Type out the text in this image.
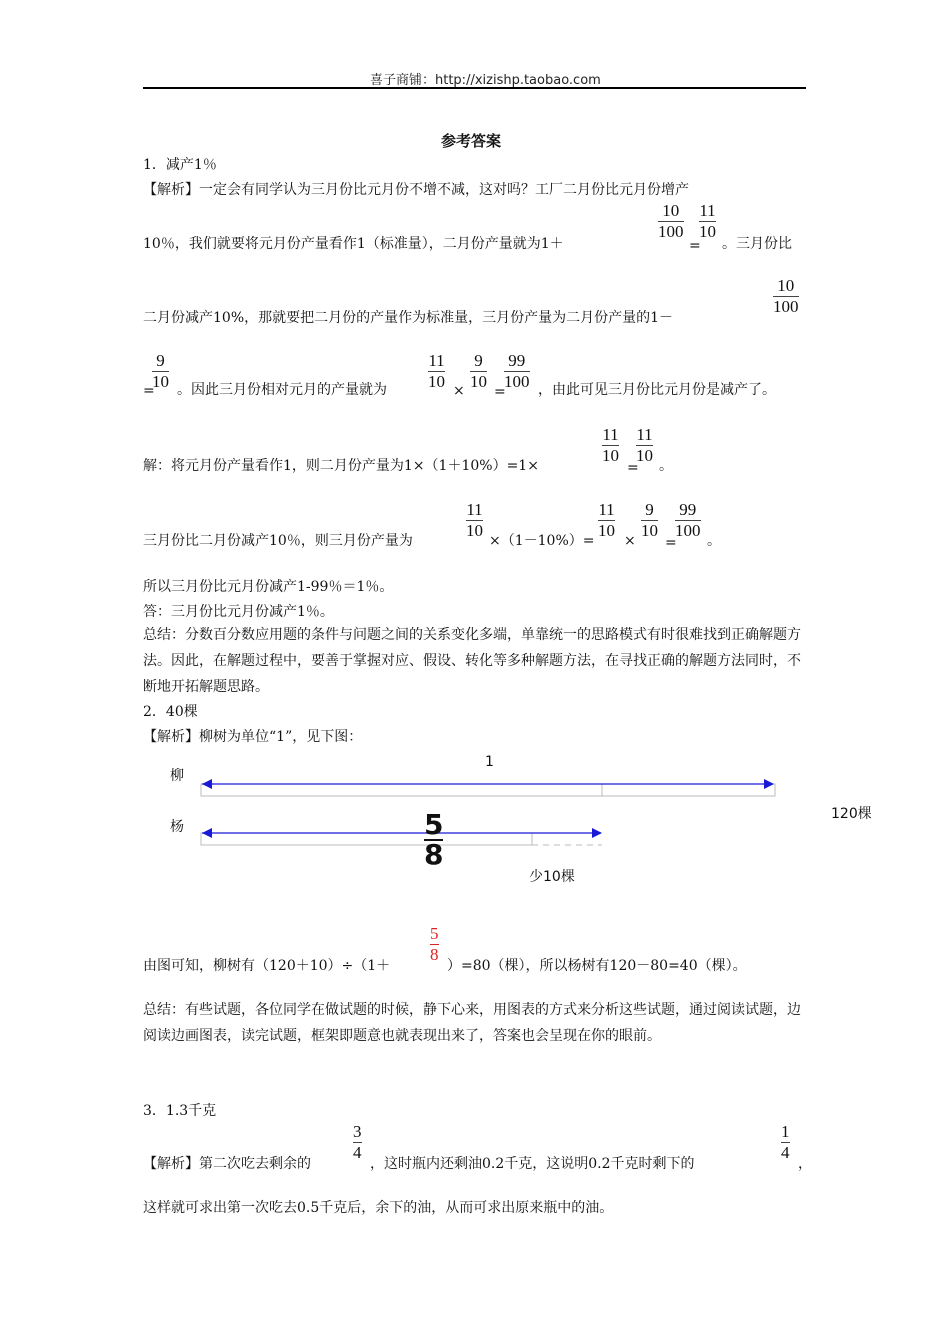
喜子商铺：http://xizishp.taobao.com
参考答案
1．减产1％
【解析】一定会有同学认为三月份比元月份不增不减，这对吗？工厂二月份比元月份增产
10％，我们就要将元月份产量看作1（标准量），二月份产量就为1＋
$\frac{10}{100}$
=
$\frac{11}{10}$
。三月份比
二月份减产10%，那就要把二月份的产量作为标准量，三月份产量为二月份产量的1－
$\frac{10}{100}$
=
$\frac{9}{10}$ 。因此三月份相对元月的产量就为 $\frac{11}{10} \times \frac{9}{10}$ =
$\frac{99}{100}$ ，由此可见三月份比元月份是减产了。
解：将元月份产量看作1，则二月份产量为1×（1＋10%）=1×	$\frac{11}{10}$
=
$\frac{11}{10}$ 。
三月份比二月份减产10％，则三月份产量为	$\frac{11}{10} \times(1-10\%)= \frac{11}{10} \times \frac{9}{10}$
=
$\frac{99}{100}$ 。
所以三月份比元月份减产1-99％＝1％。
答：三月份比元月份减产1％。
总结：分数百分数应用题的条件与问题之间的关系变化多端，单靠统一的思路模式有时很难找到正确解题方法。因此，在解题过程中，要善于掌握对应、假设、转化等多种解题方法，在寻找正确的解题方法同时，不断地开拓解题思路。
2．40棵
【解析】柳树为单位“1”，见下图：
柳
杨
1
120棵
$\frac{5}{8}$
少10棵
由图可知，柳树有（120＋10）÷（1＋
$\frac{5}{8}$
）=80（棵），所以杨树有120－80=40（棵）。
总结：有些试题，各位同学在做试题的时候，静下心来，用图表的方式来分析这些试题，通过阅读试题，边阅读边画图表，读完试题，框架即题意也就表现出来了，答案也会呈现在你的眼前。
3．1.3千克
【解析】第二次吃去剩余的
$\frac{3}{4}$
，这时瓶内还剩油0.2千克，这说明0.2千克时剩下的
$\frac{1}{4}$
，
这样就可求出第一次吃去0.5千克后，余下的油，从而可求出原来瓶中的油。
